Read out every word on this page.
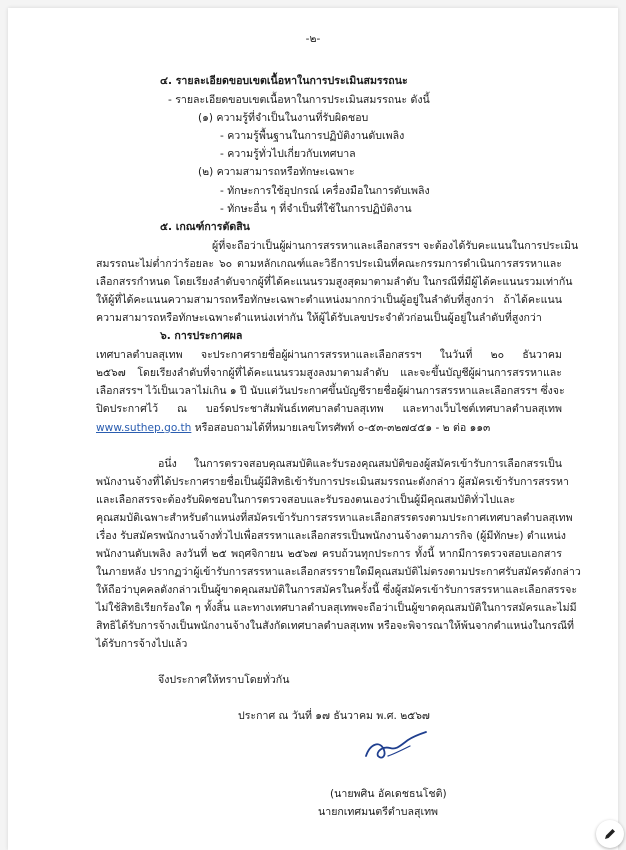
-๒-
๔. รายละเอียดขอบเขตเนื้อหาในการประเมินสมรรถนะ
- รายละเอียดขอบเขตเนื้อหาในการประเมินสมรรถนะ ดังนี้
(๑) ความรู้ที่จำเป็นในงานที่รับผิดชอบ
- ความรู้พื้นฐานในการปฏิบัติงานดับเพลิง
- ความรู้ทั่วไปเกี่ยวกับเทศบาล
(๒) ความสามารถหรือทักษะเฉพาะ
- ทักษะการใช้อุปกรณ์ เครื่องมือในการดับเพลิง
- ทักษะอื่น ๆ ที่จำเป็นที่ใช้ในการปฏิบัติงาน
๕. เกณฑ์การตัดสิน
ผู้ที่จะถือว่าเป็นผู้ผ่านการสรรหาและเลือกสรรฯ จะต้องได้รับคะแนนในการประเมิน
สมรรถนะไม่ต่ำกว่าร้อยละ ๖๐ ตามหลักเกณฑ์และวิธีการประเมินที่คณะกรรมการดำเนินการสรรหาและ
เลือกสรรกำหนด โดยเรียงลำดับจากผู้ที่ได้คะแนนรวมสูงสุดมาตามลำดับ ในกรณีที่มีผู้ได้คะแนนรวมเท่ากัน
ให้ผู้ที่ได้คะแนนความสามารถหรือทักษะเฉพาะตำแหน่งมากกว่าเป็นผู้อยู่ในลำดับที่สูงกว่า ถ้าได้คะแนน
ความสามารถหรือทักษะเฉพาะตำแหน่งเท่ากัน ให้ผู้ได้รับเลขประจำตัวก่อนเป็นผู้อยู่ในลำดับที่สูงกว่า
๖. การประกาศผล
เทศบาลตำบลสุเทพ จะประกาศรายชื่อผู้ผ่านการสรรหาและเลือกสรรฯ ในวันที่ ๒๐ ธันวาคม
๒๕๖๗ โดยเรียงลำดับที่จากผู้ที่ได้คะแนนรวมสูงลงมาตามลำดับ และจะขึ้นบัญชีผู้ผ่านการสรรหาและ
เลือกสรรฯ ไว้เป็นเวลาไม่เกิน ๑ ปี นับแต่วันประกาศขึ้นบัญชีรายชื่อผู้ผ่านการสรรหาและเลือกสรรฯ ซึ่งจะ
ปิดประกาศไว้ ณ บอร์ดประชาสัมพันธ์เทศบาลตำบลสุเทพ และทางเว็บไซต์เทศบาลตำบลสุเทพ
www.suthep.go.th หรือสอบถามได้ที่หมายเลขโทรศัพท์ ๐-๕๓-๓๒๗๔๕๑ - ๒ ต่อ ๑๑๓
อนึ่ง ในการตรวจสอบคุณสมบัติและรับรองคุณสมบัติของผู้สมัครเข้ารับการเลือกสรรเป็น
พนักงานจ้างที่ได้ประกาศรายชื่อเป็นผู้มีสิทธิเข้ารับการประเมินสมรรถนะดังกล่าว ผู้สมัครเข้ารับการสรรหา
และเลือกสรรจะต้องรับผิดชอบในการตรวจสอบและรับรองตนเองว่าเป็นผู้มีคุณสมบัติทั่วไปและ
คุณสมบัติเฉพาะสำหรับตำแหน่งที่สมัครเข้ารับการสรรหาและเลือกสรรตรงตามประกาศเทศบาลตำบลสุเทพ
เรื่อง รับสมัครพนักงานจ้างทั่วไปเพื่อสรรหาและเลือกสรรเป็นพนักงานจ้างตามภารกิจ (ผู้มีทักษะ) ตำแหน่ง
พนักงานดับเพลิง ลงวันที่ ๒๕ พฤศจิกายน ๒๕๖๗ ครบถ้วนทุกประการ ทั้งนี้ หากมีการตรวจสอบเอกสาร
ในภายหลัง ปรากฏว่าผู้เข้ารับการสรรหาและเลือกสรรรายใดมีคุณสมบัติไม่ตรงตามประกาศรับสมัครดังกล่าว
ให้ถือว่าบุคคลดังกล่าวเป็นผู้ขาดคุณสมบัติในการสมัครในครั้งนี้ ซึ่งผู้สมัครเข้ารับการสรรหาและเลือกสรรจะ
ไม่ใช้สิทธิเรียกร้องใด ๆ ทั้งสิ้น และทางเทศบาลตำบลสุเทพจะถือว่าเป็นผู้ขาดคุณสมบัติในการสมัครและไม่มี
สิทธิได้รับการจ้างเป็นพนักงานจ้างในสังกัดเทศบาลตำบลสุเทพ หรือจะพิจารณาให้พ้นจากตำแหน่งในกรณีที่
ได้รับการจ้างไปแล้ว
จึงประกาศให้ทราบโดยทั่วกัน
ประกาศ ณ วันที่ ๑๗ ธันวาคม พ.ศ. ๒๕๖๗
(นายพศิน อัคเดชธนโชติ)
นายกเทศมนตรีตำบลสุเทพ
